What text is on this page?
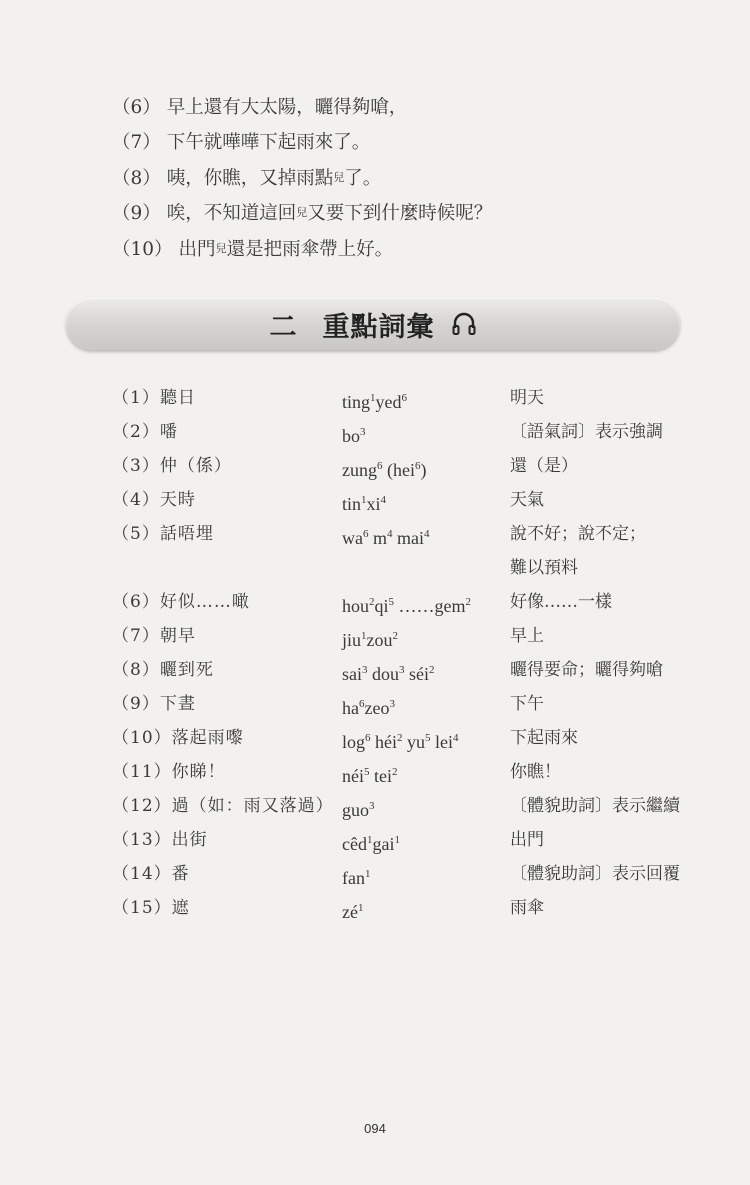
（6） 早上還有大太陽，曬得夠嗆，
（7） 下午就嘩嘩下起雨來了。
（8） 咦，你瞧，又掉雨點 兒 了。
（9） 唉，不知道這回 兒 又要下到什麼時候呢？
（10） 出門 兒 還是把雨傘帶上好。
二 重點詞彙
（1）聽日	ting$^1$yed$^6$	明天
（2）噃	$bo^3$	〔語氣詞〕表示強調
（3）仲（係）	zung$^6$ (hei$^6$)	還（是）
（4）天時	$tin^1xi^4$	天氣
（5）話唔埋	$wa^6$ $m^4$ mai$^4$	說不好；說不定；
難以預料
（6）好似……噉	$hou^2qi^5$ ……gem$^2$ 好像……一樣
（7）朝早	jiu$^1$zou$^2$	早上
（8）曬到死	sai$^3$ dou$^3$ séi$^2$	曬得要命；曬得夠嗆
（9）下晝	$ha^6zeo^3$	下午
（10）落起雨嚟	$\log^6$ héi$^2$ $yu^5$ lei$^4$	下起雨來
（11）你睇！	néi$^5$ tei$^2$	你瞧！
（12）過（如：雨又落過） guo$^3$	〔體貌助詞〕表示繼續
（13）出街	cêd$^1$gai$^1$	出門
（14）番	fan$^1$	〔體貌助詞〕表示回覆
（15）遮	$zé^1$	雨傘
094
